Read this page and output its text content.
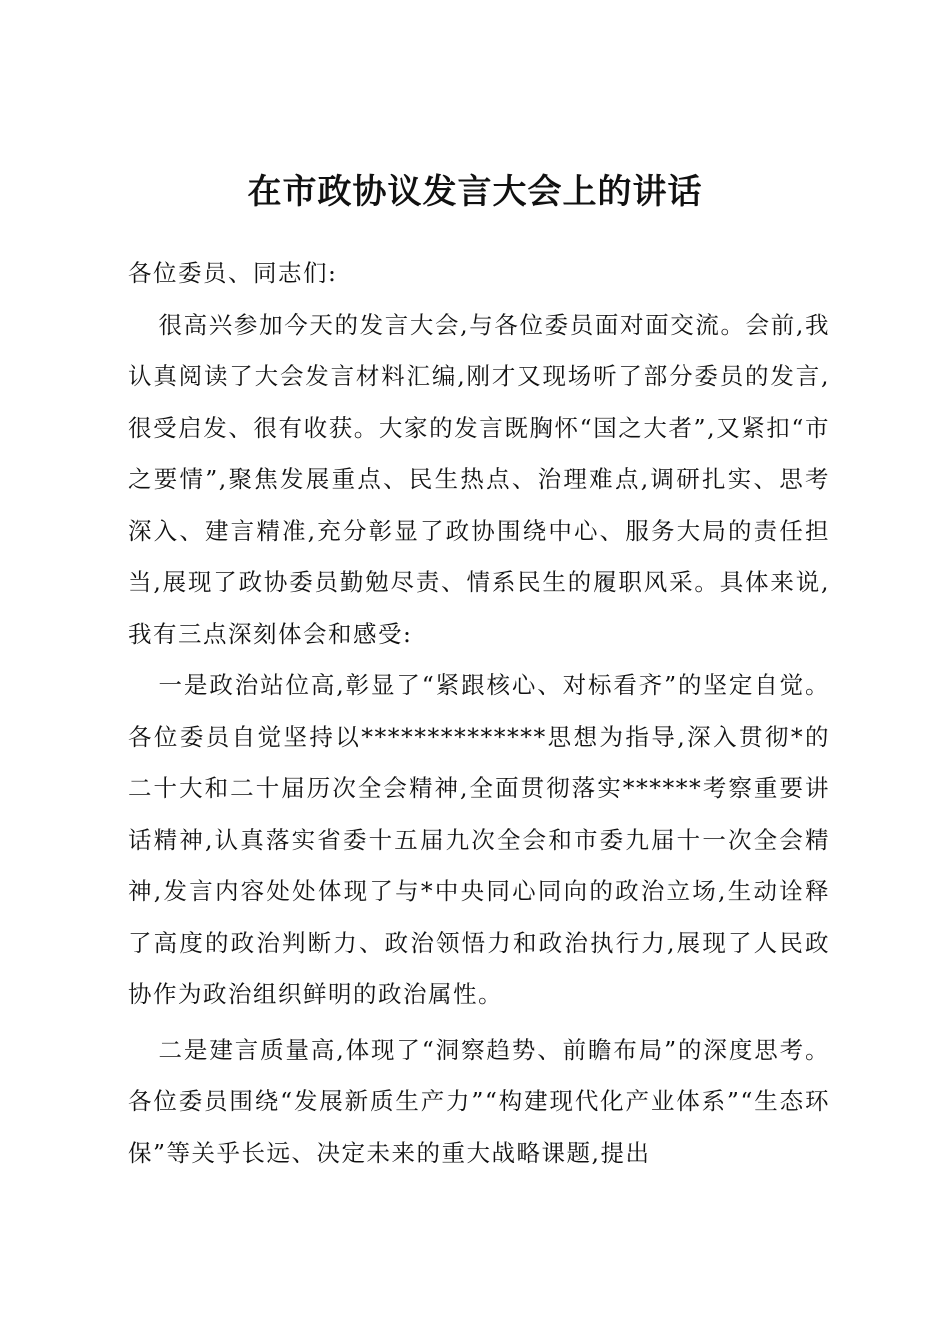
在市政协议发言大会上的讲话

各位委员、同志们:

很高兴参加今天的发言大会,与各位委员面对面交流。会前,我认真阅读了大会发言材料汇编,刚才又现场听了部分委员的发言,很受启发、很有收获。大家的发言既胸怀“国之大者”,又紧扣“市之要情”,聚焦发展重点、民生热点、治理难点,调研扎实、思考深入、建言精准,充分彰显了政协围绕中心、服务大局的责任担当,展现了政协委员勤勉尽责、情系民生的履职风采。具体来说,我有三点深刻体会和感受:

一是政治站位高,彰显了“紧跟核心、对标看齐”的坚定自觉。各位委员自觉坚持以**************思想为指导,深入贯彻*的二十大和二十届历次全会精神,全面贯彻落实******考察重要讲话精神,认真落实省委十五届九次全会和市委九届十一次全会精神,发言内容处处体现了与*中央同心同向的政治立场,生动诠释了高度的政治判断力、政治领悟力和政治执行力,展现了人民政协作为政治组织鲜明的政治属性。

二是建言质量高,体现了“洞察趋势、前瞻布局”的深度思考。各位委员围绕“发展新质生产力”“构建现代化产业体系”“生态环保”等关乎长远、决定未来的重大战略课题,提出
